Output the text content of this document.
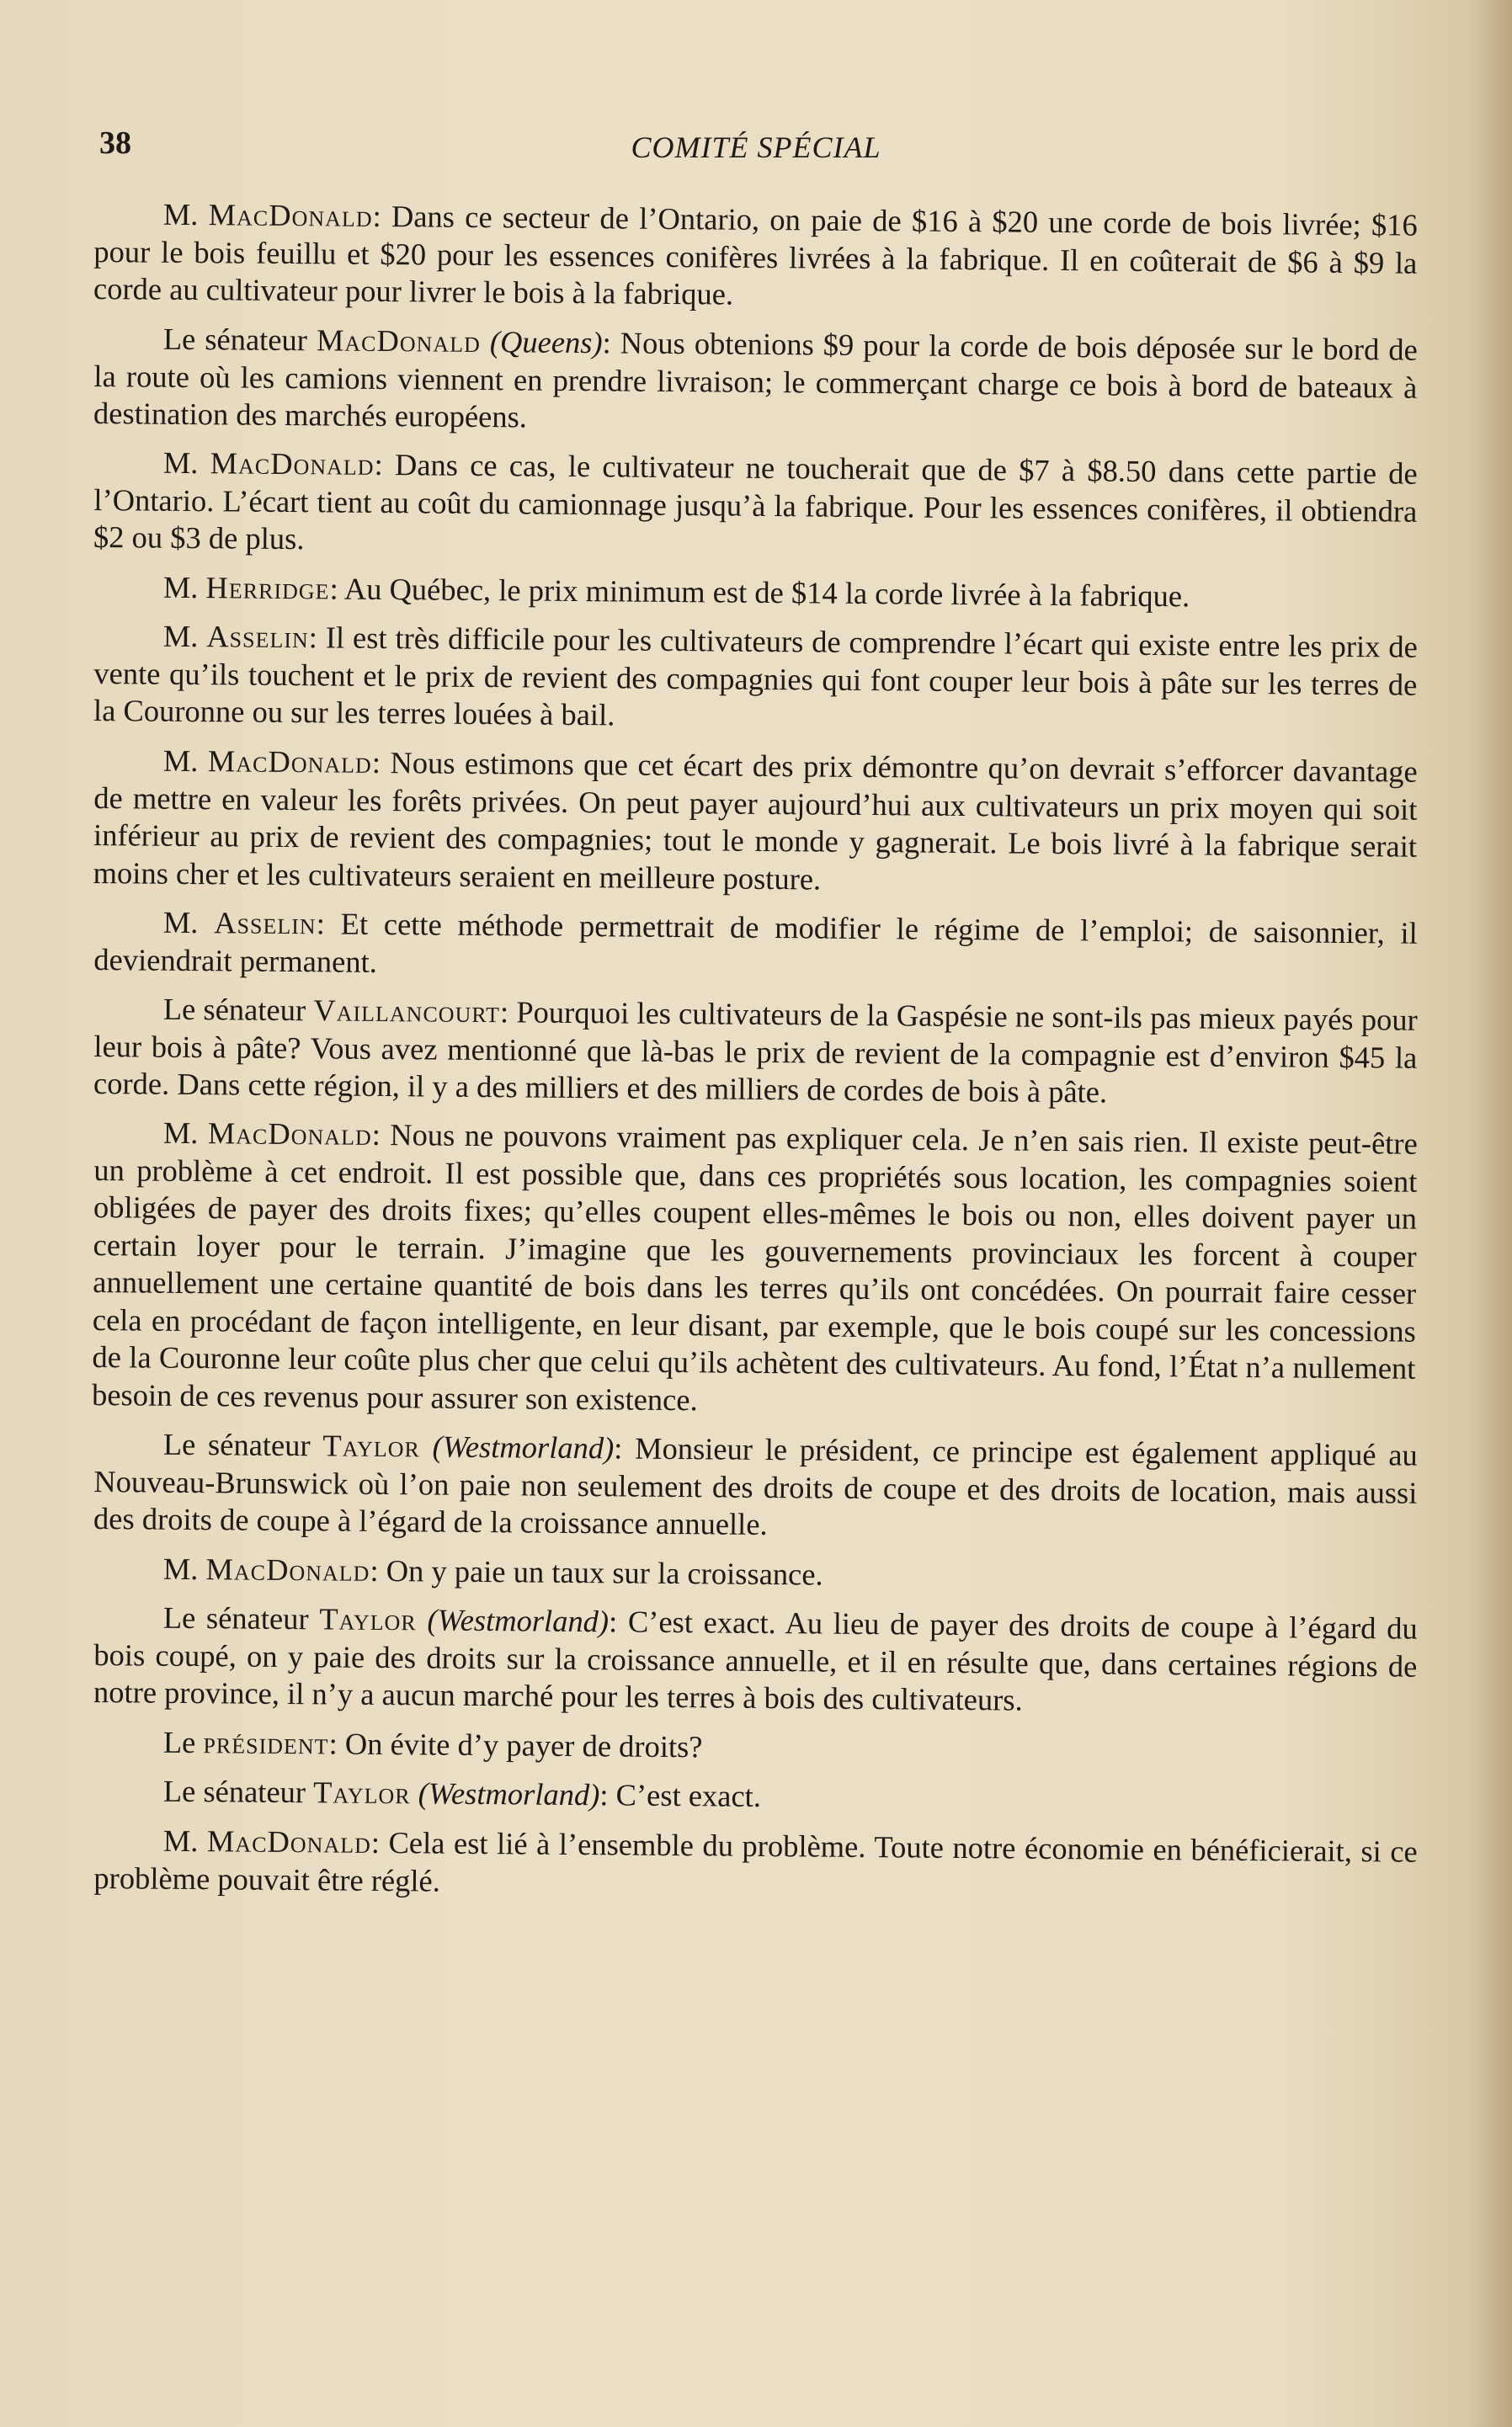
38	COMITÉ SPÉCIAL

M. MacDonald: Dans ce secteur de l’Ontario, on paie de $16 à $20 une corde de bois livrée; $16 pour le bois feuillu et $20 pour les essences conifères livrées à la fabrique. Il en coûterait de $6 à $9 la corde au cultivateur pour livrer le bois à la fabrique.

Le sénateur MacDonald (Queens): Nous obtenions $9 pour la corde de bois déposée sur le bord de la route où les camions viennent en prendre livraison; le commerçant charge ce bois à bord de bateaux à destination des marchés européens.

M. MacDonald: Dans ce cas, le cultivateur ne toucherait que de $7 à $8.50 dans cette partie de l’Ontario. L’écart tient au coût du camionnage jusqu’à la fabrique. Pour les essences conifères, il obtiendra $2 ou $3 de plus.

M. Herridge: Au Québec, le prix minimum est de $14 la corde livrée à la fabrique.

M. Asselin: Il est très difficile pour les cultivateurs de comprendre l’écart qui existe entre les prix de vente qu’ils touchent et le prix de revient des compagnies qui font couper leur bois à pâte sur les terres de la Couronne ou sur les terres louées à bail.

M. MacDonald: Nous estimons que cet écart des prix démontre qu’on devrait s’efforcer davantage de mettre en valeur les forêts privées. On peut payer aujourd’hui aux cultivateurs un prix moyen qui soit inférieur au prix de revient des compagnies; tout le monde y gagnerait. Le bois livré à la fabrique serait moins cher et les cultivateurs seraient en meilleure posture.

M. Asselin: Et cette méthode permettrait de modifier le régime de l’emploi; de saisonnier, il deviendrait permanent.

Le sénateur Vaillancourt: Pourquoi les cultivateurs de la Gaspésie ne sont-ils pas mieux payés pour leur bois à pâte? Vous avez mentionné que là-bas le prix de revient de la compagnie est d’environ $45 la corde. Dans cette région, il y a des milliers et des milliers de cordes de bois à pâte.

M. MacDonald: Nous ne pouvons vraiment pas expliquer cela. Je n’en sais rien. Il existe peut-être un problème à cet endroit. Il est possible que, dans ces propriétés sous location, les compagnies soient obligées de payer des droits fixes; qu’elles coupent elles-mêmes le bois ou non, elles doivent payer un certain loyer pour le terrain. J’imagine que les gouvernements provinciaux les forcent à couper annuellement une certaine quantité de bois dans les terres qu’ils ont concédées. On pourrait faire cesser cela en procédant de façon intelligente, en leur disant, par exemple, que le bois coupé sur les concessions de la Couronne leur coûte plus cher que celui qu’ils achètent des cultivateurs. Au fond, l’État n’a nullement besoin de ces revenus pour assurer son existence.

Le sénateur Taylor (Westmorland): Monsieur le président, ce principe est également appliqué au Nouveau-Brunswick où l’on paie non seulement des droits de coupe et des droits de location, mais aussi des droits de coupe à l’égard de la croissance annuelle.

M. MacDonald: On y paie un taux sur la croissance.

Le sénateur Taylor (Westmorland): C’est exact. Au lieu de payer des droits de coupe à l’égard du bois coupé, on y paie des droits sur la croissance annuelle, et il en résulte que, dans certaines régions de notre province, il n’y a aucun marché pour les terres à bois des cultivateurs.

Le président: On évite d’y payer de droits?

Le sénateur Taylor (Westmorland): C’est exact.

M. MacDonald: Cela est lié à l’ensemble du problème. Toute notre économie en bénéficierait, si ce problème pouvait être réglé.
